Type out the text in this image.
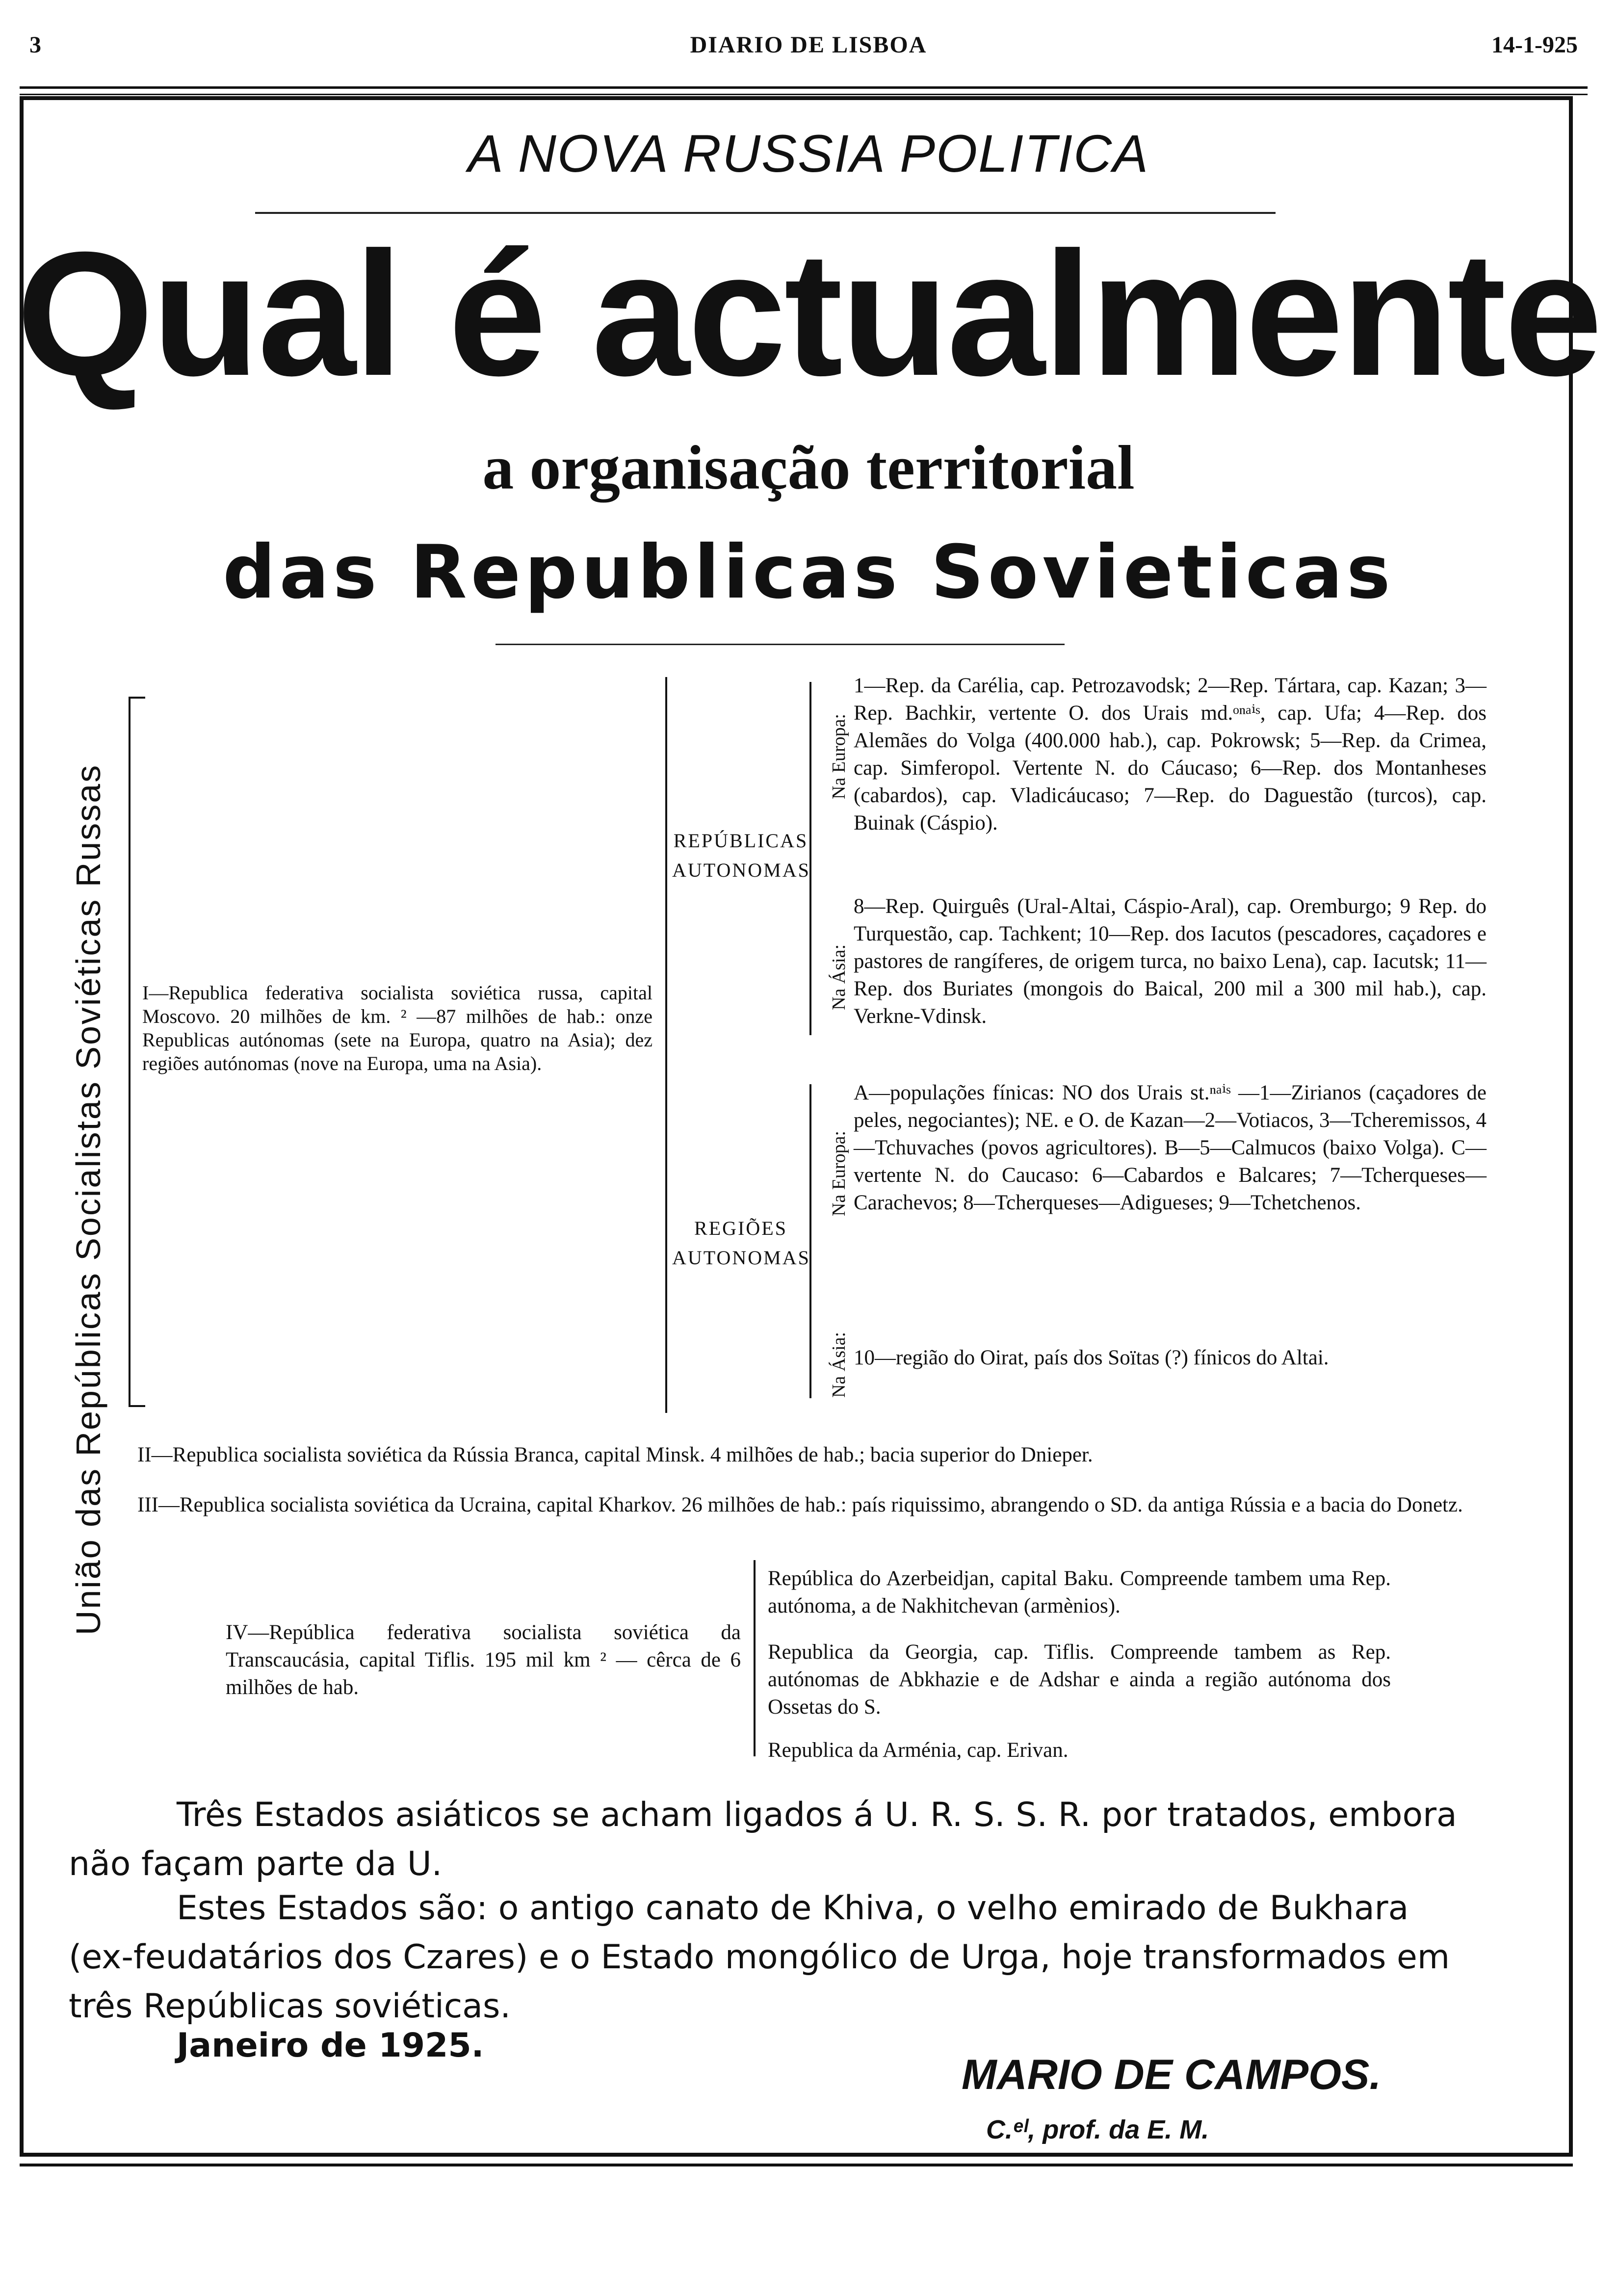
3	DIARIO DE LISBOA	14-1-925
A NOVA RUSSIA POLITICA
Qual é actualmente
a organisação territorial
das Republicas Sovieticas
União das Repúblicas Socialistas Soviéticas Russas I—Republica federativa socialista soviética russa, capital Moscovo. 20 milhões de km. ² —87 milhões de hab.: onze Republicas autónomas (sete na Europa, quatro na Asia); dez regiões autónomas (nove na Europa, uma na Asia).
REPÚBLICAS
AUTONOMAS
REGIÕES
AUTONOMAS
Na Europa:
Na Ásia:
Na Europa:
Na Ásia:
1—Rep. da Carélia, cap. Petrozavodsk; 2—Rep. Tártara, cap. Kazan; 3—Rep. Bachkir, vertente O. dos Urais md.ᵒⁿᵃⁱˢ, cap. Ufa; 4—Rep. dos Alemães do Volga (400.000 hab.), cap. Pokrowsk; 5—Rep. da Crimea, cap. Simferopol. Vertente N. do Cáucaso; 6—Rep. dos Montanheses (cabardos), cap. Vladicáucaso; 7—Rep. do Daguestão (turcos), cap. Buinak (Cáspio).
8—Rep. Quirguês (Ural-Altai, Cáspio-Aral), cap. Oremburgo; 9 Rep. do Turquestão, cap. Tachkent; 10—Rep. dos Iacutos (pescadores, caçadores e pastores de rangíferes, de origem turca, no baixo Lena), cap. Iacutsk; 11—Rep. dos Buriates (mongois do Baical, 200 mil a 300 mil hab.), cap. Verkne-Vdinsk.
A—populações fínicas: NO dos Urais st.ⁿᵃⁱˢ —1—Zirianos (caçadores de peles, negociantes); NE. e O. de Kazan—2—Votiacos, 3—Tcheremissos, 4—Tchuvaches (povos agricultores). B—5—Calmucos (baixo Volga). C—vertente N. do Caucaso: 6—Cabardos e Balcares; 7—Tcherqueses—Carachevos; 8—Tcherqueses—Adigueses; 9—Tchetchenos.
10—região do Oirat, país dos Soïtas (?) fínicos do Altai.
II—Republica socialista soviética da Rússia Branca, capital Minsk. 4 milhões de hab.; bacia superior do Dnieper.
III—Republica socialista soviética da Ucraina, capital Kharkov. 26 milhões de hab.: país riquissimo, abrangendo o SD. da antiga Rússia e a bacia do Donetz.
IV—República federativa socialista soviética da Transcaucásia, capital Tiflis. 195 mil km ² — cêrca de 6 milhões de hab.
República do Azerbeidjan, capital Baku. Compreende tambem uma Rep. autónoma, a de Nakhitchevan (armènios).
Republica da Georgia, cap. Tiflis. Compreende tambem as Rep. autónomas de Abkhazie e de Adshar e ainda a região autónoma dos Ossetas do S.
Republica da Arménia, cap. Erivan.
Três Estados asiáticos se acham ligados á U. R. S. S. R. por tratados, embora não façam parte da U.
Estes Estados são: o antigo canato de Khiva, o velho emirado de Bukhara (ex-feudatários dos Czares) e o Estado mongólico de Urga, hoje transformados em três Repúblicas soviéticas.
Janeiro de 1925.
MARIO DE CAMPOS.
C.ᵉˡ, prof. da E. M.
